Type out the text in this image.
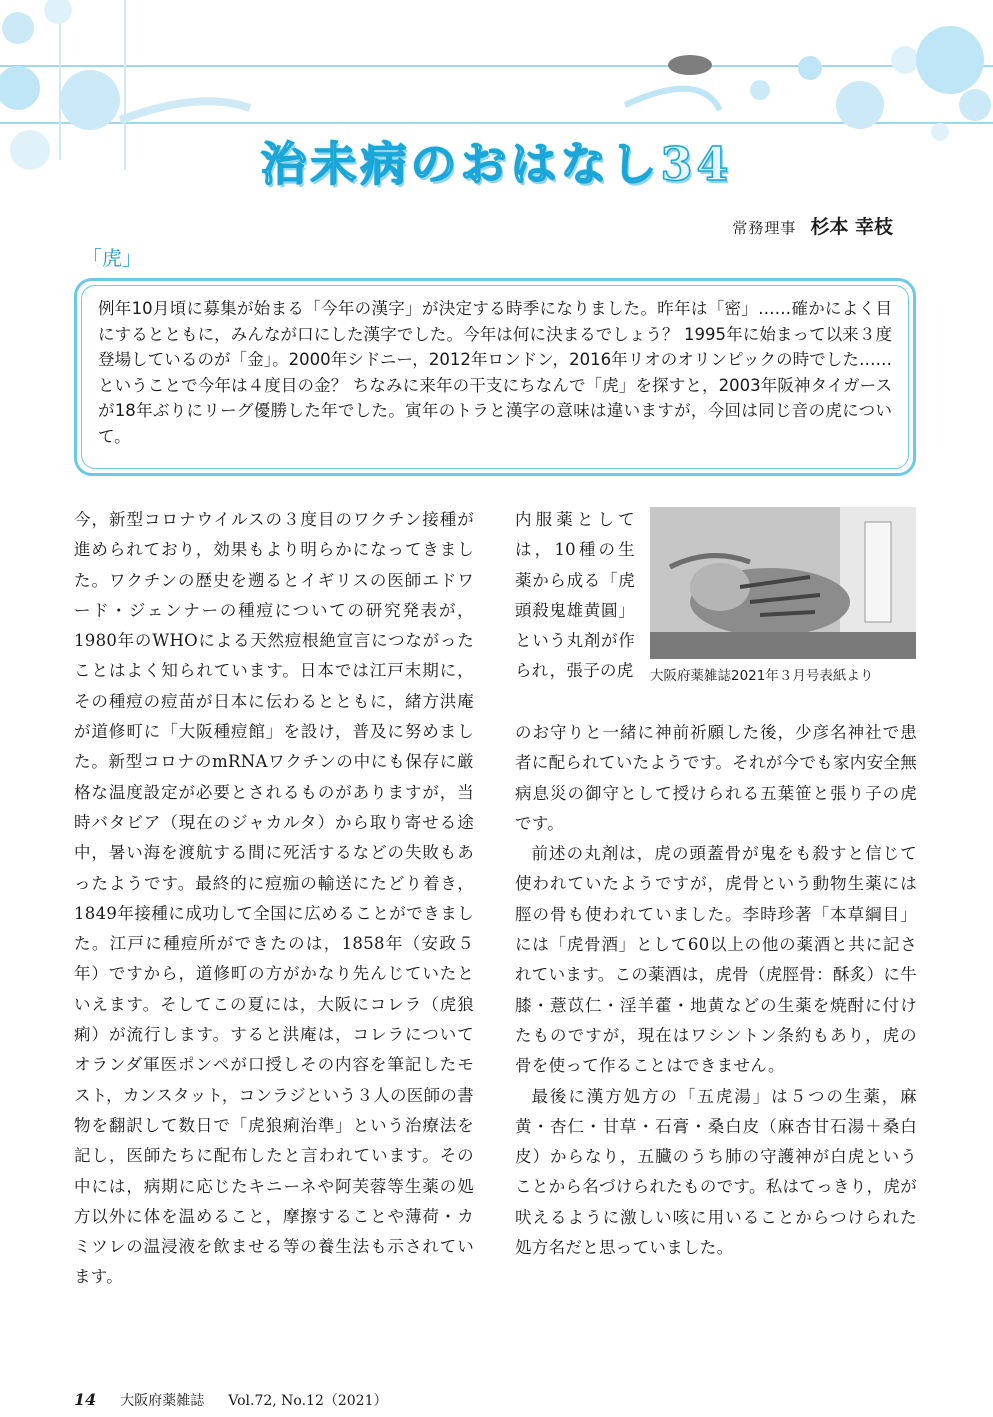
治未病のおはなし34
常務理事 杉本 幸枝
「虎」
例年10月頃に募集が始まる「今年の漢字」が決定する時季になりました。昨年は「密」……確かによく目にするとともに，みんなが口にした漢字でした。今年は何に決まるでしょう？ 1995年に始まって以来３度登場しているのが「金」。2000年シドニー，2012年ロンドン，2016年リオのオリンピックの時でした……ということで今年は４度目の金？ ちなみに来年の干支にちなんで「虎」を探すと，2003年阪神タイガースが18年ぶりにリーグ優勝した年でした。寅年のトラと漢字の意味は違いますが，今回は同じ音の虎について。

今，新型コロナウイルスの３度目のワクチン接種が進められており，効果もより明らかになってきました。ワクチンの歴史を遡るとイギリスの医師エドワード・ジェンナーの種痘についての研究発表が，1980年のWHOによる天然痘根絶宣言につながったことはよく知られています。日本では江戸末期に，その種痘の痘苗が日本に伝わるとともに，緒方洪庵が道修町に「大阪種痘館」を設け，普及に努めました。新型コロナのmRNAワクチンの中にも保存に厳格な温度設定が必要とされるものがありますが，当時バタビア（現在のジャカルタ）から取り寄せる途中，暑い海を渡航する間に死活するなどの失敗もあったようです。最終的に痘痂の輸送にたどり着き，1849年接種に成功して全国に広めることができました。江戸に種痘所ができたのは，1858年（安政５年）ですから，道修町の方がかなり先んじていたといえます。そしてこの夏には，大阪にコレラ（虎狼痢）が流行します。すると洪庵は，コレラについてオランダ軍医ポンペが口授しその内容を筆記したモスト，カンスタット，コンラジという３人の医師の書物を翻訳して数日で「虎狼痢治準」という治療法を記し，医師たちに配布したと言われています。その中には，病期に応じたキニーネや阿芙蓉等生薬の処方以外に体を温めること，摩擦することや薄荷・カミツレの温浸液を飲ませる等の養生法も示されています。

内服薬としては，10種の生薬から成る「虎頭殺鬼雄黄圓」という丸剤が作られ，張子の虎 大阪府薬雑誌2021年３月号表紙より

のお守りと一緒に神前祈願した後，少彦名神社で患者に配られていたようです。それが今でも家内安全無病息災の御守として授けられる五葉笹と張り子の虎です。

前述の丸剤は，虎の頭蓋骨が鬼をも殺すと信じて使われていたようですが，虎骨という動物生薬には脛の骨も使われていました。李時珍著「本草綱目」には「虎骨酒」として60以上の他の薬酒と共に記されています。この薬酒は，虎骨（虎脛骨：酥炙）に牛膝・薏苡仁・淫羊藿・地黄などの生薬を焼酎に付けたものですが，現在はワシントン条約もあり，虎の骨を使って作ることはできません。

最後に漢方処方の「五虎湯」は５つの生薬，麻黄・杏仁・甘草・石膏・桑白皮（麻杏甘石湯＋桑白皮）からなり，五臓のうち肺の守護神が白虎ということから名づけられたものです。私はてっきり，虎が吠えるように激しい咳に用いることからつけられた処方名だと思っていました。

14 大阪府薬雑誌 Vol.72, No.12（2021）
